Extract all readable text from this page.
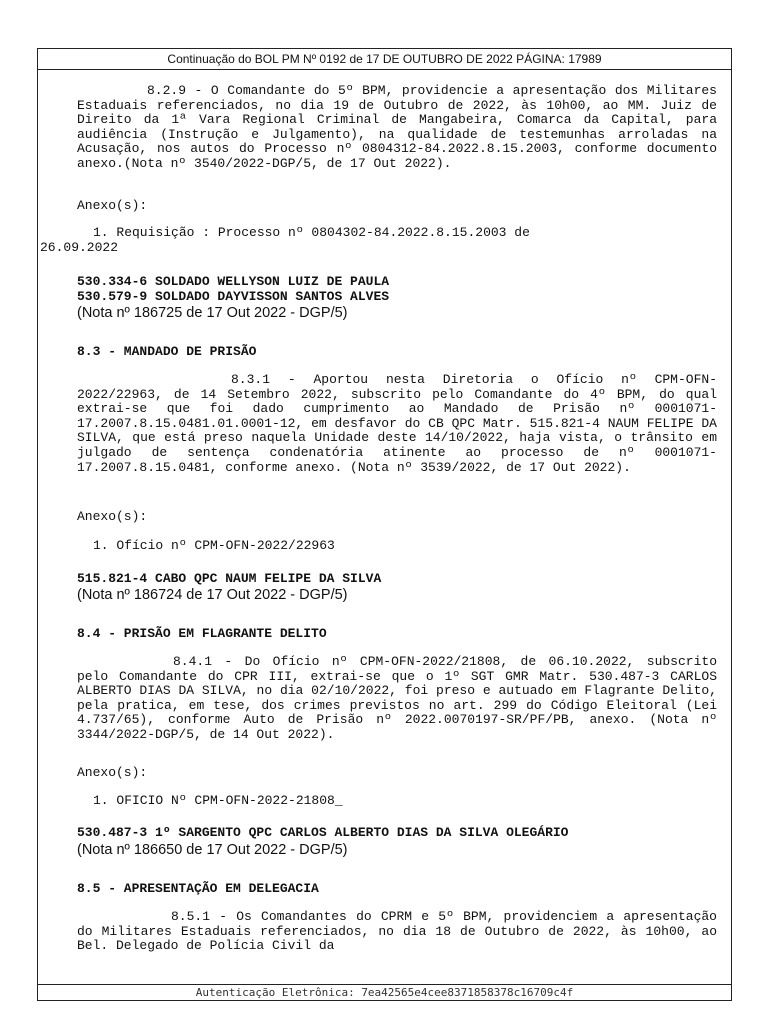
Continuação do BOL PM Nº 0192 de 17 DE OUTUBRO DE 2022 PÁGINA: 17989
8.2.9 - O Comandante do 5º BPM, providencie a apresentação dos Militares Estaduais referenciados, no dia 19 de Outubro de 2022, às 10h00, ao MM. Juiz de Direito da 1ª Vara Regional Criminal de Mangabeira, Comarca da Capital, para audiência (Instrução e Julgamento), na qualidade de testemunhas arroladas na Acusação, nos autos do Processo nº 0804312-84.2022.8.15.2003, conforme documento anexo.(Nota nº 3540/2022-DGP/5, de 17 Out 2022).
Anexo(s):
1. Requisição : Processo nº 0804302-84.2022.8.15.2003 de
26.09.2022
530.334-6 SOLDADO WELLYSON LUIZ DE PAULA
530.579-9 SOLDADO DAYVISSON SANTOS ALVES
(Nota nº 186725 de 17 Out 2022 - DGP/5)
8.3 - MANDADO DE PRISÃO
8.3.1 - Aportou nesta Diretoria o Ofício nº CPM-OFN-2022/22963, de 14 Setembro 2022, subscrito pelo Comandante do 4º BPM, do qual extrai-se que foi dado cumprimento ao Mandado de Prisão nº 0001071-17.2007.8.15.0481.01.0001-12, em desfavor do CB QPC Matr. 515.821-4 NAUM FELIPE DA SILVA, que está preso naquela Unidade deste 14/10/2022, haja vista, o trânsito em julgado de sentença condenatória atinente ao processo de nº 0001071-17.2007.8.15.0481, conforme anexo. (Nota nº 3539/2022, de 17 Out 2022).
Anexo(s):
1. Ofício nº CPM-OFN-2022/22963
515.821-4 CABO QPC NAUM FELIPE DA SILVA
(Nota nº 186724 de 17 Out 2022 - DGP/5)
8.4 - PRISÃO EM FLAGRANTE DELITO
8.4.1 - Do Ofício nº CPM-OFN-2022/21808, de 06.10.2022, subscrito pelo Comandante do CPR III, extrai-se que o 1º SGT GMR Matr. 530.487-3 CARLOS ALBERTO DIAS DA SILVA, no dia 02/10/2022, foi preso e autuado em Flagrante Delito, pela pratica, em tese, dos crimes previstos no art. 299 do Código Eleitoral (Lei 4.737/65), conforme Auto de Prisão nº 2022.0070197-SR/PF/PB, anexo. (Nota nº 3344/2022-DGP/5, de 14 Out 2022).
Anexo(s):
1. OFICIO Nº CPM-OFN-2022-21808_
530.487-3 1º SARGENTO QPC CARLOS ALBERTO DIAS DA SILVA OLEGÁRIO
(Nota nº 186650 de 17 Out 2022 - DGP/5)
8.5 - APRESENTAÇÃO EM DELEGACIA
8.5.1 - Os Comandantes do CPRM e 5º BPM, providenciem a apresentação do Militares Estaduais referenciados, no dia 18 de Outubro de 2022, às 10h00, ao Bel. Delegado de Polícia Civil da
Autenticação Eletrônica: 7ea42565e4cee8371858378c16709c4f
